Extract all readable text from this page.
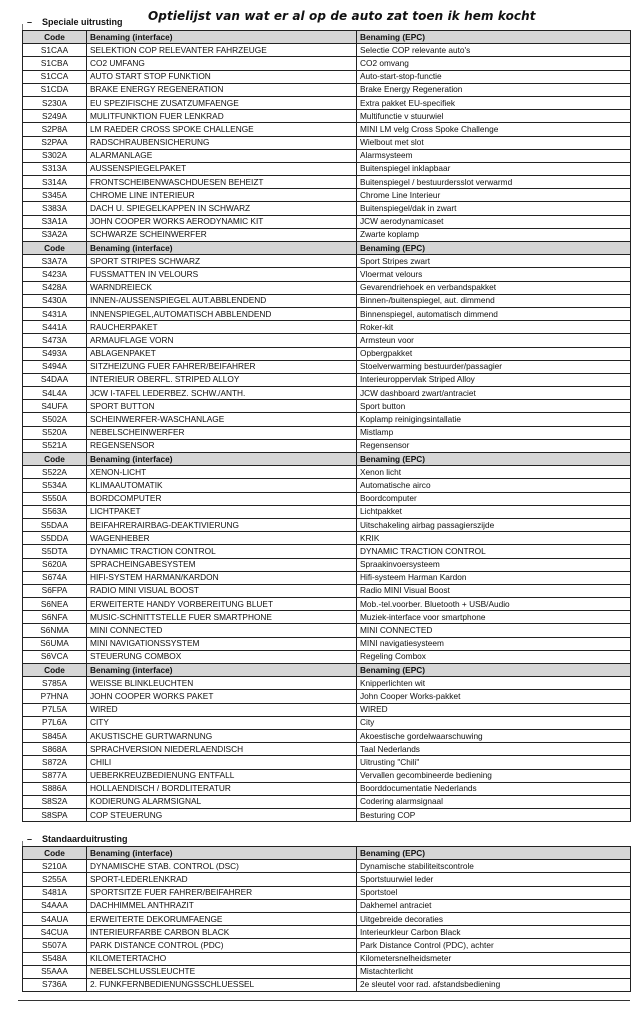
Optielijst van wat er al op de auto zat toen ik hem kocht
– Speciale uitrusting
Code	Benaming (interface)	Benaming (EPC)
S1CAA	SELEKTION COP RELEVANTER FAHRZEUGE	Selectie COP relevante auto's
S1CBA	CO2 UMFANG	CO2 omvang
S1CCA	AUTO START STOP FUNKTION	Auto-start-stop-functie
S1CDA	BRAKE ENERGY REGENERATION	Brake Energy Regeneration
S230A	EU SPEZIFISCHE ZUSATZUMFAENGE	Extra pakket EU-specifiek
S249A	MULITFUNKTION FUER LENKRAD	Multifunctie v stuurwiel
S2P8A	LM RAEDER CROSS SPOKE CHALLENGE	MINI LM velg Cross Spoke Challenge
S2PAA	RADSCHRAUBENSICHERUNG	Wielbout met slot
S302A	ALARMANLAGE	Alarmsysteem
S313A	AUSSENSPIEGELPAKET	Buitenspiegel inklapbaar
S314A	FRONTSCHEIBENWASCHDUESEN BEHEIZT	Buitenspiegel / bestuurdersslot verwarmd
S345A	CHROME LINE INTERIEUR	Chrome Line Interieur
S383A	DACH U. SPIEGELKAPPEN IN SCHWARZ	Buitenspiegel/dak in zwart
S3A1A	JOHN COOPER WORKS AERODYNAMIC KIT	JCW aerodynamicaset
S3A2A	SCHWARZE SCHEINWERFER	Zwarte koplamp
Code	Benaming (interface)	Benaming (EPC)
S3A7A	SPORT STRIPES SCHWARZ	Sport Stripes zwart
S423A	FUSSMATTEN IN VELOURS	Vloermat velours
S428A	WARNDREIECK	Gevarendriehoek en verbandspakket
S430A	INNEN-/AUSSENSPIEGEL AUT.ABBLENDEND	Binnen-/buitenspiegel, aut. dimmend
S431A	INNENSPIEGEL,AUTOMATISCH ABBLENDEND	Binnenspiegel, automatisch dimmend
S441A	RAUCHERPAKET	Roker-kit
S473A	ARMAUFLAGE VORN	Armsteun voor
S493A	ABLAGENPAKET	Opbergpakket
S494A	SITZHEIZUNG FUER FAHRER/BEIFAHRER	Stoelverwarming bestuurder/passagier
S4DAA	INTERIEUR OBERFL. STRIPED ALLOY	Interieuroppervlak Striped Alloy
S4L4A	JCW I-TAFEL LEDERBEZ. SCHW./ANTH.	JCW dashboard zwart/antraciet
S4UFA	SPORT BUTTON	Sport button
S502A	SCHEINWERFER-WASCHANLAGE	Koplamp reinigingsintallatie
S520A	NEBELSCHEINWERFER	Mistlamp
S521A	REGENSENSOR	Regensensor
Code	Benaming (interface)	Benaming (EPC)
S522A	XENON-LICHT	Xenon licht
S534A	KLIMAAUTOMATIK	Automatische airco
S550A	BORDCOMPUTER	Boordcomputer
S563A	LICHTPAKET	Lichtpakket
S5DAA	BEIFAHRERAIRBAG-DEAKTIVIERUNG	Uitschakeling airbag passagierszijde
S5DDA	WAGENHEBER	KRIK
S5DTA	DYNAMIC TRACTION CONTROL	DYNAMIC TRACTION CONTROL
S620A	SPRACHEINGABESYSTEM	Spraakinvoersysteem
S674A	HIFI-SYSTEM HARMAN/KARDON	Hifi-systeem Harman Kardon
S6FPA	RADIO MINI VISUAL BOOST	Radio MINI Visual Boost
S6NEA	ERWEITERTE HANDY VORBEREITUNG BLUET	Mob.-tel.voorber. Bluetooth + USB/Audio
S6NFA	MUSIC-SCHNITTSTELLE FUER SMARTPHONE	Muziek-interface voor smartphone
S6NMA	MINI CONNECTED	MINI CONNECTED
S6UMA	MINI NAVIGATIONSSYSTEM	MINI navigatiesysteem
S6VCA	STEUERUNG COMBOX	Regeling Combox
Code	Benaming (interface)	Benaming (EPC)
S785A	WEISSE BLINKLEUCHTEN	Knipperlichten wit
P7HNA	JOHN COOPER WORKS PAKET	John Cooper Works-pakket
P7L5A	WIRED	WIRED
P7L6A	CITY	City
S845A	AKUSTISCHE GURTWARNUNG	Akoestische gordelwaarschuwing
S868A	SPRACHVERSION NIEDERLAENDISCH	Taal Nederlands
S872A	CHILI	Uitrusting "Chili"
S877A	UEBERKREUZBEDIENUNG ENTFALL	Vervallen gecombineerde bediening
S886A	HOLLAENDISCH / BORDLITERATUR	Boorddocumentatie Nederlands
S8S2A	KODIERUNG ALARMSIGNAL	Codering alarmsignaal
S8SPA	COP STEUERUNG	Besturing COP
– Standaarduitrusting
Code	Benaming (interface)	Benaming (EPC)
S210A	DYNAMISCHE STAB. CONTROL (DSC)	Dynamische stabiliteitscontrole
S255A	SPORT-LEDERLENKRAD	Sportstuurwiel leder
S481A	SPORTSITZE FUER FAHRER/BEIFAHRER	Sportstoel
S4AAA	DACHHIMMEL ANTHRAZIT	Dakhemel antraciet
S4AUA	ERWEITERTE DEKORUMFAENGE	Uitgebreide decoraties
S4CUA	INTERIEURFARBE CARBON BLACK	Interieurkleur Carbon Black
S507A	PARK DISTANCE CONTROL (PDC)	Park Distance Control (PDC), achter
S548A	KILOMETERTACHO	Kilometersnelheidsmeter
S5AAA	NEBELSCHLUSSLEUCHTE	Mistachterlicht
S736A	2. FUNKFERNBEDIENUNGSSCHLUESSEL	2e sleutel voor rad. afstandsbediening
